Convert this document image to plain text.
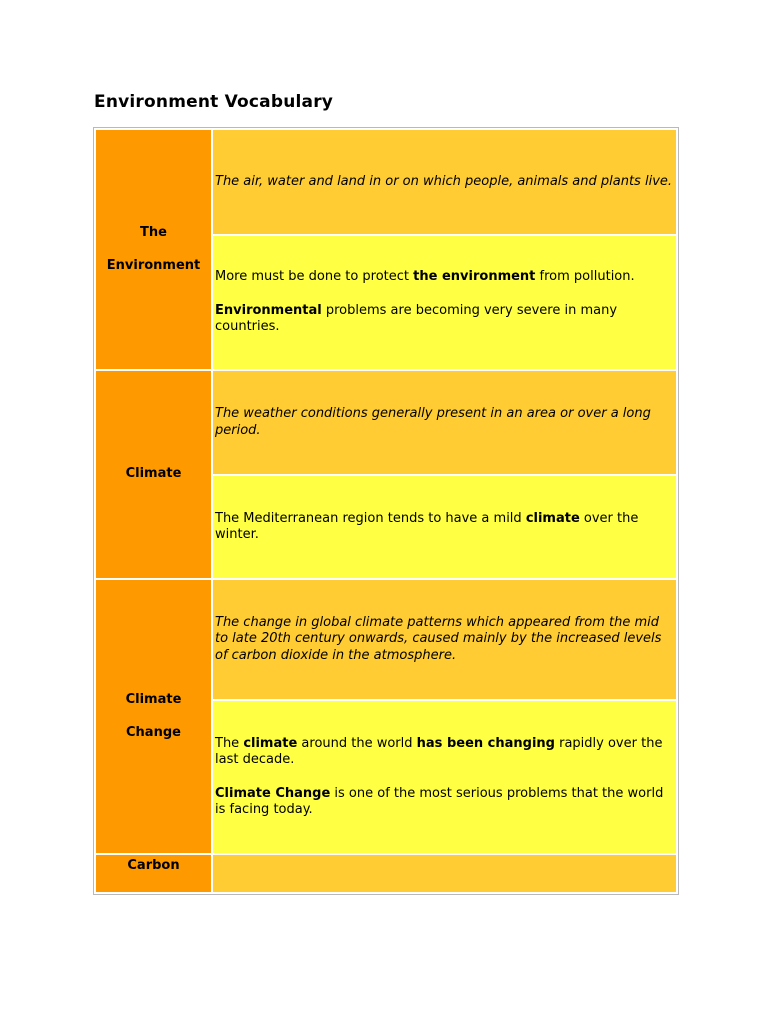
Environment Vocabulary

The

Environment	The air, water and land in or on which people, animals and plants live.

	More must be done to protect the environment from pollution.

Environmental problems are becoming very severe in many countries.

Climate	The weather conditions generally present in an area or over a long period.

	The Mediterranean region tends to have a mild climate over the winter.

Climate

Change	The change in global climate patterns which appeared from the mid to late 20th century onwards, caused mainly by the increased levels of carbon dioxide in the atmosphere.

	The climate around the world has been changing rapidly over the last decade.

Climate Change is one of the most serious problems that the world is facing today.

Carbon	
